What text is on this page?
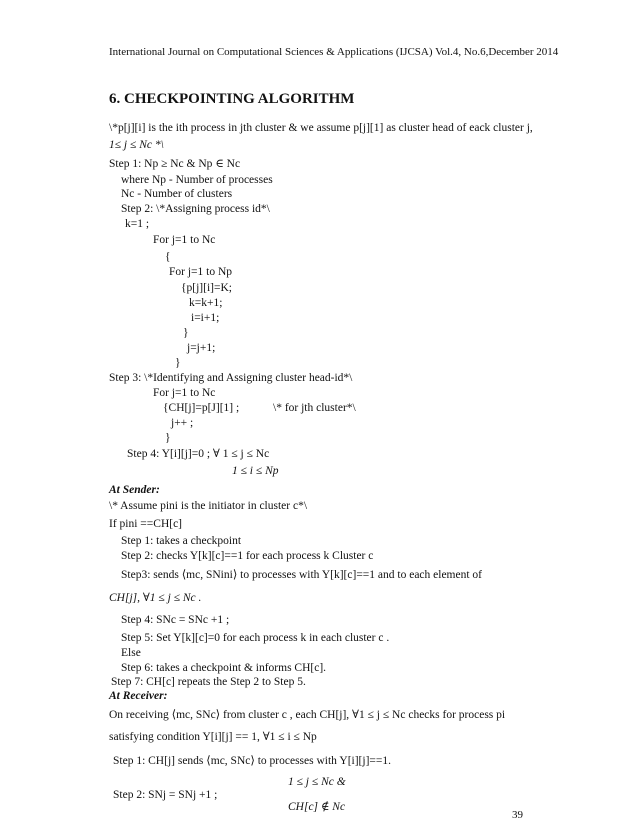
International Journal on Computational Sciences & Applications (IJCSA) Vol.4, No.6,December 2014
6. CHECKPOINTING ALGORITHM
\*p[j][i] is the ith process in jth cluster & we assume p[j][1] as cluster head of eack cluster j,
1≤ j ≤ Nc *\
Step 1: Np ≥ Nc & Np ∈ Nc
where Np - Number of processes
Nc - Number of clusters
Step 2: \*Assigning process id*\
k=1 ;
For j=1 to Nc
{
For j=1 to Np
{p[j][i]=K;
k=k+1;
i=i+1;
}
j=j+1;
}
Step 3: \*Identifying and Assigning cluster head-id*\
For j=1 to Nc
{CH[j]=p[J][1] ;	\* for jth cluster*\
j++ ;
}
Step 4: Y[i][j]=0 ; ∀ 1 ≤ j ≤ Nc
1 ≤ i ≤ Np
At Sender:
\* Assume pini is the initiator in cluster c*\
If pini ==CH[c]
Step 1: takes a checkpoint
Step 2: checks Y[k][c]==1 for each process k Cluster c
Step3: sends ⟨mc, SNini⟩ to processes with Y[k][c]==1 and to each element of
CH[j], ∀1 ≤ j ≤ Nc .
Step 4: SNc = SNc +1 ;
Step 5: Set Y[k][c]=0 for each process k in each cluster c .
Else
Step 6: takes a checkpoint & informs CH[c].
Step 7: CH[c] repeats the Step 2 to Step 5.
At Receiver:
On receiving ⟨mc, SNc⟩ from cluster c , each CH[j], ∀1 ≤ j ≤ Nc checks for process pi
satisfying condition Y[i][j] == 1, ∀1 ≤ i ≤ Np
Step 1: CH[j] sends ⟨mc, SNc⟩ to processes with Y[i][j]==1.
1 ≤ j ≤ Nc &
Step 2: SNj = SNj +1 ;
CH[c] ∉ Nc
39
